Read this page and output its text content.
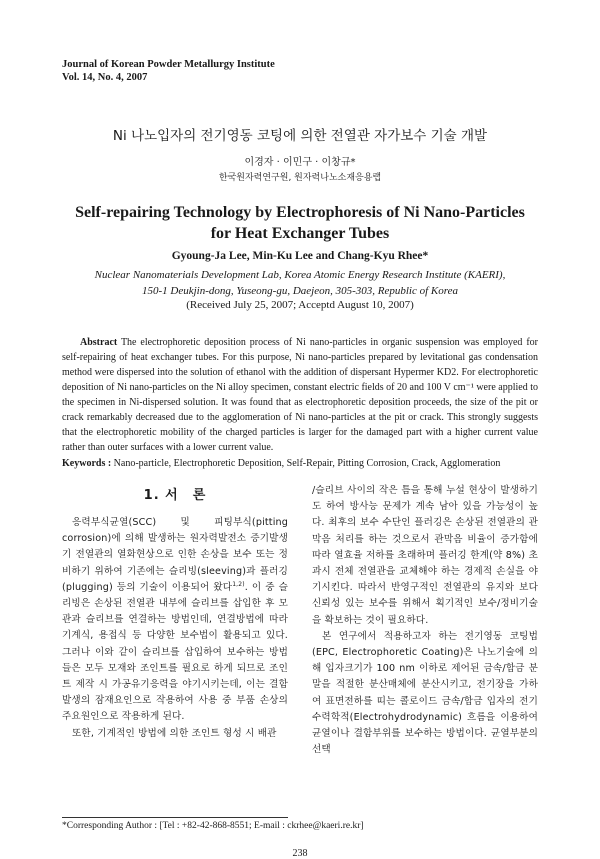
Journal of Korean Powder Metallurgy Institute
Vol. 14, No. 4, 2007
Ni 나노입자의 전기영동 코팅에 의한 전열관 자가보수 기술 개발
이경자 · 이민구 · 이창규*
한국원자력연구원, 원자력나노소재응용랩
Self-repairing Technology by Electrophoresis of Ni Nano-Particles
for Heat Exchanger Tubes
Gyoung-Ja Lee, Min-Ku Lee and Chang-Kyu Rhee*
Nuclear Nanomaterials Development Lab, Korea Atomic Energy Research Institute (KAERI),
150-1 Deukjin-dong, Yuseong-gu, Daejeon, 305-303, Republic of Korea
(Received July 25, 2007; Acceptd August 10, 2007)
Abstract The electrophoretic deposition process of Ni nano-particles in organic suspension was employed for self-repairing of heat exchanger tubes. For this purpose, Ni nano-particles prepared by levitational gas condensation method were dispersed into the solution of ethanol with the addition of dispersant Hypermer KD2. For electrophoretic deposition of Ni nano-particles on the Ni alloy specimen, constant electric fields of 20 and 100 V cm⁻¹ were applied to the specimen in Ni-dispersed solution. It was found that as electrophoretic deposition proceeds, the size of the pit or crack remarkably decreased due to the agglomeration of Ni nano-particles at the pit or crack. This strongly suggests that the electrophoretic mobility of the charged particles is larger for the damaged part with a higher current value rather than outer surfaces with a lower current value.
Keywords : Nano-particle, Electrophoretic Deposition, Self-Repair, Pitting Corrosion, Crack, Agglomeration
1. 서　론

응력부식균열(SCC) 및 피팅부식(pitting corrosion)에 의해 발생하는 원자력발전소 증기발생기 전열관의 열화현상으로 인한 손상을 보수 또는 정비하기 위하여 기존에는 슬리빙(sleeving)과 플러깅(plugging) 등의 기술이 이용되어 왔다$^{1,2)}$. 이 중 슬리빙은 손상된 전열관 내부에 슬리브를 삽입한 후 모관과 슬리브를 연결하는 방법인데, 연결방법에 따라 기계식, 용접식 등 다양한 보수법이 활용되고 있다. 그러나 이와 같이 슬리브를 삽입하여 보수하는 방법들은 모두 모재와 조인트를 필요로 하게 되므로 조인트 제작 시 가공유기응력을 야기시키는데, 이는 결함 발생의 잠재요인으로 작용하여 사용 중 부품 손상의 주요원인으로 작용하게 된다.

또한, 기계적인 방법에 의한 조인트 형성 시 배관

/슬리브 사이의 작은 틈을 통해 누설 현상이 발생하기도 하여 방사능 문제가 계속 남아 있을 가능성이 높다. 최후의 보수 수단인 플러깅은 손상된 전열관의 관막음 처리를 하는 것으로서 관막음 비율이 증가함에 따라 열효율 저하를 초래하며 플러깅 한계(약 8%) 초과시 전체 전열관을 교체해야 하는 경제적 손실을 야기시킨다. 따라서 반영구적인 전열관의 유지와 보다 신뢰성 있는 보수를 위해서 획기적인 보수/정비기술을 확보하는 것이 필요하다.

본 연구에서 적용하고자 하는 전기영동 코팅법(EPC, Electrophoretic Coating)은 나노기술에 의해 입자크기가 100 nm 이하로 제어된 금속/합금 분말을 적절한 분산매체에 분산시키고, 전기장을 가하여 표면전하를 띠는 콜로이드 금속/합금 입자의 전기수력학적(Electrohydrodynamic) 흐름을 이용하여 균열이나 결함부위를 보수하는 방법이다. 균열부분의 선택

*Corresponding Author : [Tel : +82-42-868-8551; E-mail : ckrhee@kaeri.re.kr]
238
